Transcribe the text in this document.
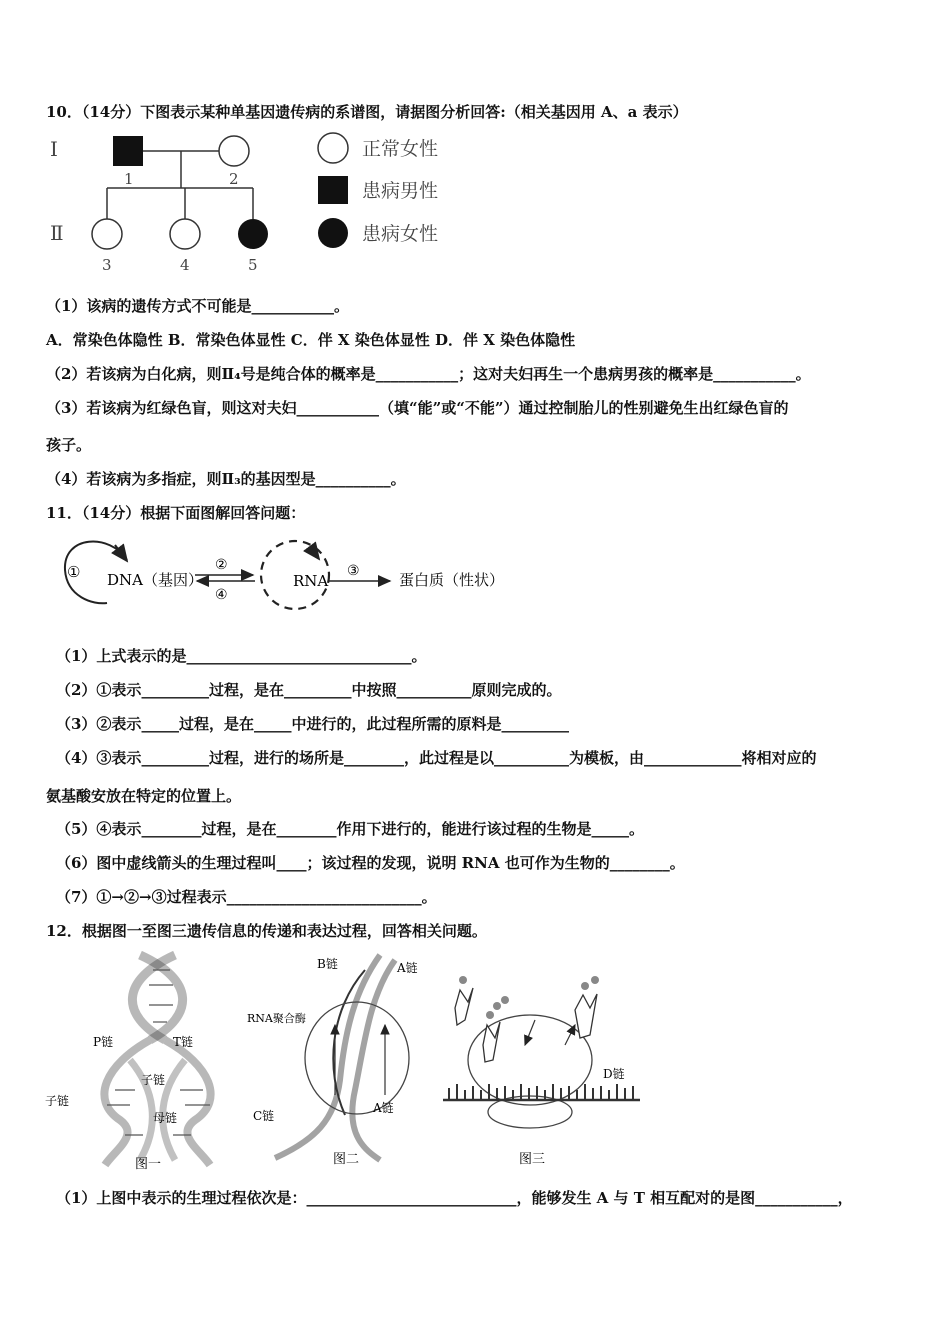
10．（14分）下图表示某种单基因遗传病的系谱图，请据图分析回答:（相关基因用 A、a 表示）
Ⅰ
Ⅱ
1	2
3	4	5
正常女性
患病男性
患病女性
（1）该病的遗传方式不可能是___________。
A．常染色体隐性 B．常染色体显性 C．伴 X 染色体显性 D．伴 X 染色体隐性
（2）若该病为白化病，则Ⅱ₄号是纯合体的概率是___________；这对夫妇再生一个患病男孩的概率是___________。
（3）若该病为红绿色盲，则这对夫妇___________（填“能”或“不能”）通过控制胎儿的性别避免生出红绿色盲的
孩子。
（4）若该病为多指症，则Ⅱ₃的基因型是__________。
11．（14分）根据下面图解回答问题：
① DNA（基因）
②
④
RNA
③	蛋白质（性状）
（1）上式表示的是______________________________。
（2）①表示_________过程，是在_________中按照__________原则完成的。
（3）②表示_____过程，是在_____中进行的，此过程所需的原料是_________
（4）③表示_________过程，进行的场所是________，此过程是以__________为模板，由_____________将相对应的
氨基酸安放在特定的位置上。
（5）④表示________过程，是在________作用下进行的，能进行该过程的生物是_____。
（6）图中虚线箭头的生理过程叫____；该过程的发现，说明 RNA 也可作为生物的________。
（7）①→②→③过程表示__________________________。
12．根据图一至图三遗传信息的传递和表达过程，回答相关问题。
P链	T链
子链
子链
母链
图一
B链	A链
RNA聚合酶
C链
A链
图二
D链
图三
（1）上图中表示的生理过程依次是：____________________________，能够发生 A 与 T 相互配对的是图___________，
